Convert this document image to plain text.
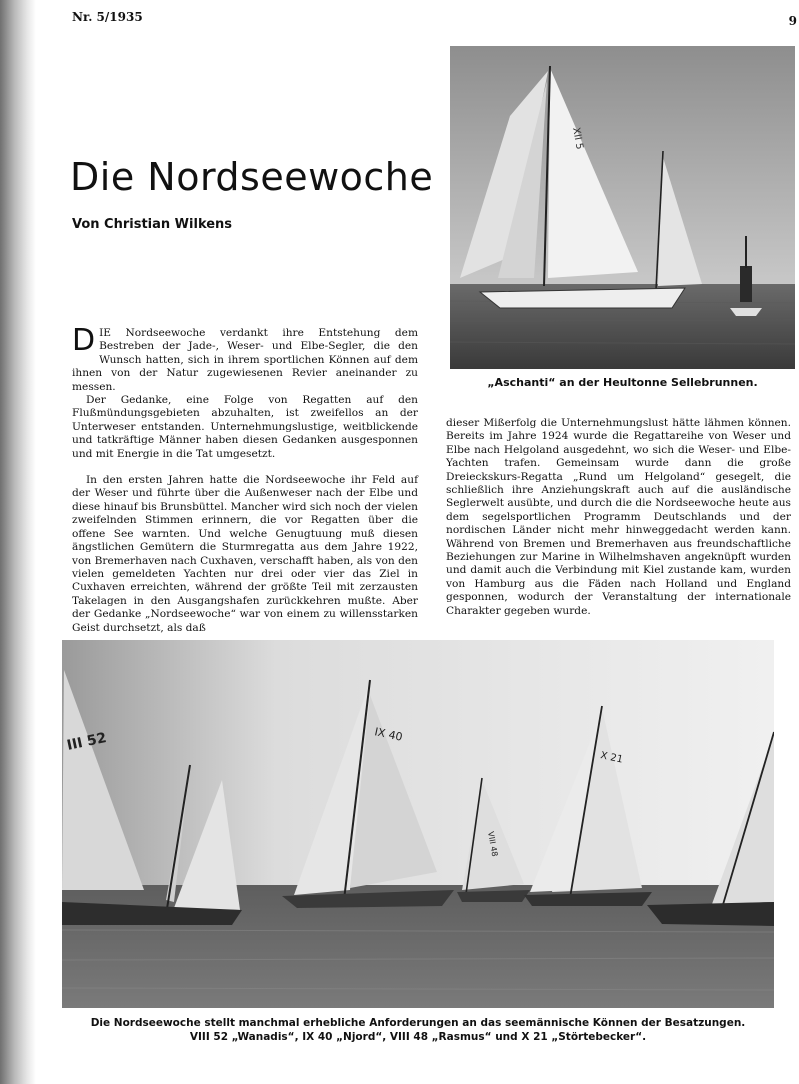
Nr. 5/1935	9
Die Nordseewoche
Von Christian Wilkens
XII 5
„Aschanti“ an der Heultonne Sellebrunnen.

DIE Nordseewoche verdankt ihre Entstehung dem Bestreben der Jade-, Weser- und Elbe-Segler, die den Wunsch hatten, sich in ihrem sportlichen Können auf dem ihnen von der Natur zugewiesenen Revier aneinander zu messen.

Der Gedanke, eine Folge von Regatten auf den Flußmündungsgebieten abzuhalten, ist zweifellos an der Unterweser entstanden. Unternehmungslustige, weitblickende und tatkräftige Männer haben diesen Gedanken ausgesponnen und mit Energie in die Tat umgesetzt.

In den ersten Jahren hatte die Nordseewoche ihr Feld auf der Weser und führte über die Außenweser nach der Elbe und diese hinauf bis Brunsbüttel. Mancher wird sich noch der vielen zweifelnden Stimmen erinnern, die vor Regatten über die offene See warnten. Und welche Genugtuung muß diesen ängstlichen Gemütern die Sturmregatta aus dem Jahre 1922, von Bremerhaven nach Cuxhaven, verschafft haben, als von den vielen gemeldeten Yachten nur drei oder vier das Ziel in Cuxhaven erreichten, während der größte Teil mit zerzausten Takelagen in den Ausgangshafen zurückkehren mußte. Aber der Gedanke „Nordseewoche“ war von einem zu willensstarken Geist durchsetzt, als daß

dieser Mißerfolg die Unternehmungslust hätte lähmen können. Bereits im Jahre 1924 wurde die Regattareihe von Weser und Elbe nach Helgoland ausgedehnt, wo sich die Weser- und Elbe-Yachten trafen. Gemeinsam wurde dann die große Dreieckskurs-Regatta „Rund um Helgoland“ gesegelt, die schließlich ihre Anziehungskraft auch auf die ausländische Seglerwelt ausübte, und durch die die Nordseewoche heute aus dem segelsportlichen Programm Deutschlands und der nordischen Länder nicht mehr hinweggedacht werden kann. Während von Bremen und Bremerhaven aus freundschaftliche Beziehungen zur Marine in Wilhelmshaven angeknüpft wurden und damit auch die Verbindung mit Kiel zustande kam, wurden von Hamburg aus die Fäden nach Holland und England gesponnen, wodurch der Veranstaltung der internationale Charakter gegeben wurde.

III 52	IX 40
VIII 48
X 21
Die Nordseewoche stellt manchmal erhebliche Anforderungen an das seemännische Können der Besatzungen.
VIII 52 „Wanadis“, IX 40 „Njord“, VIII 48 „Rasmus“ und X 21 „Störtebecker“.
